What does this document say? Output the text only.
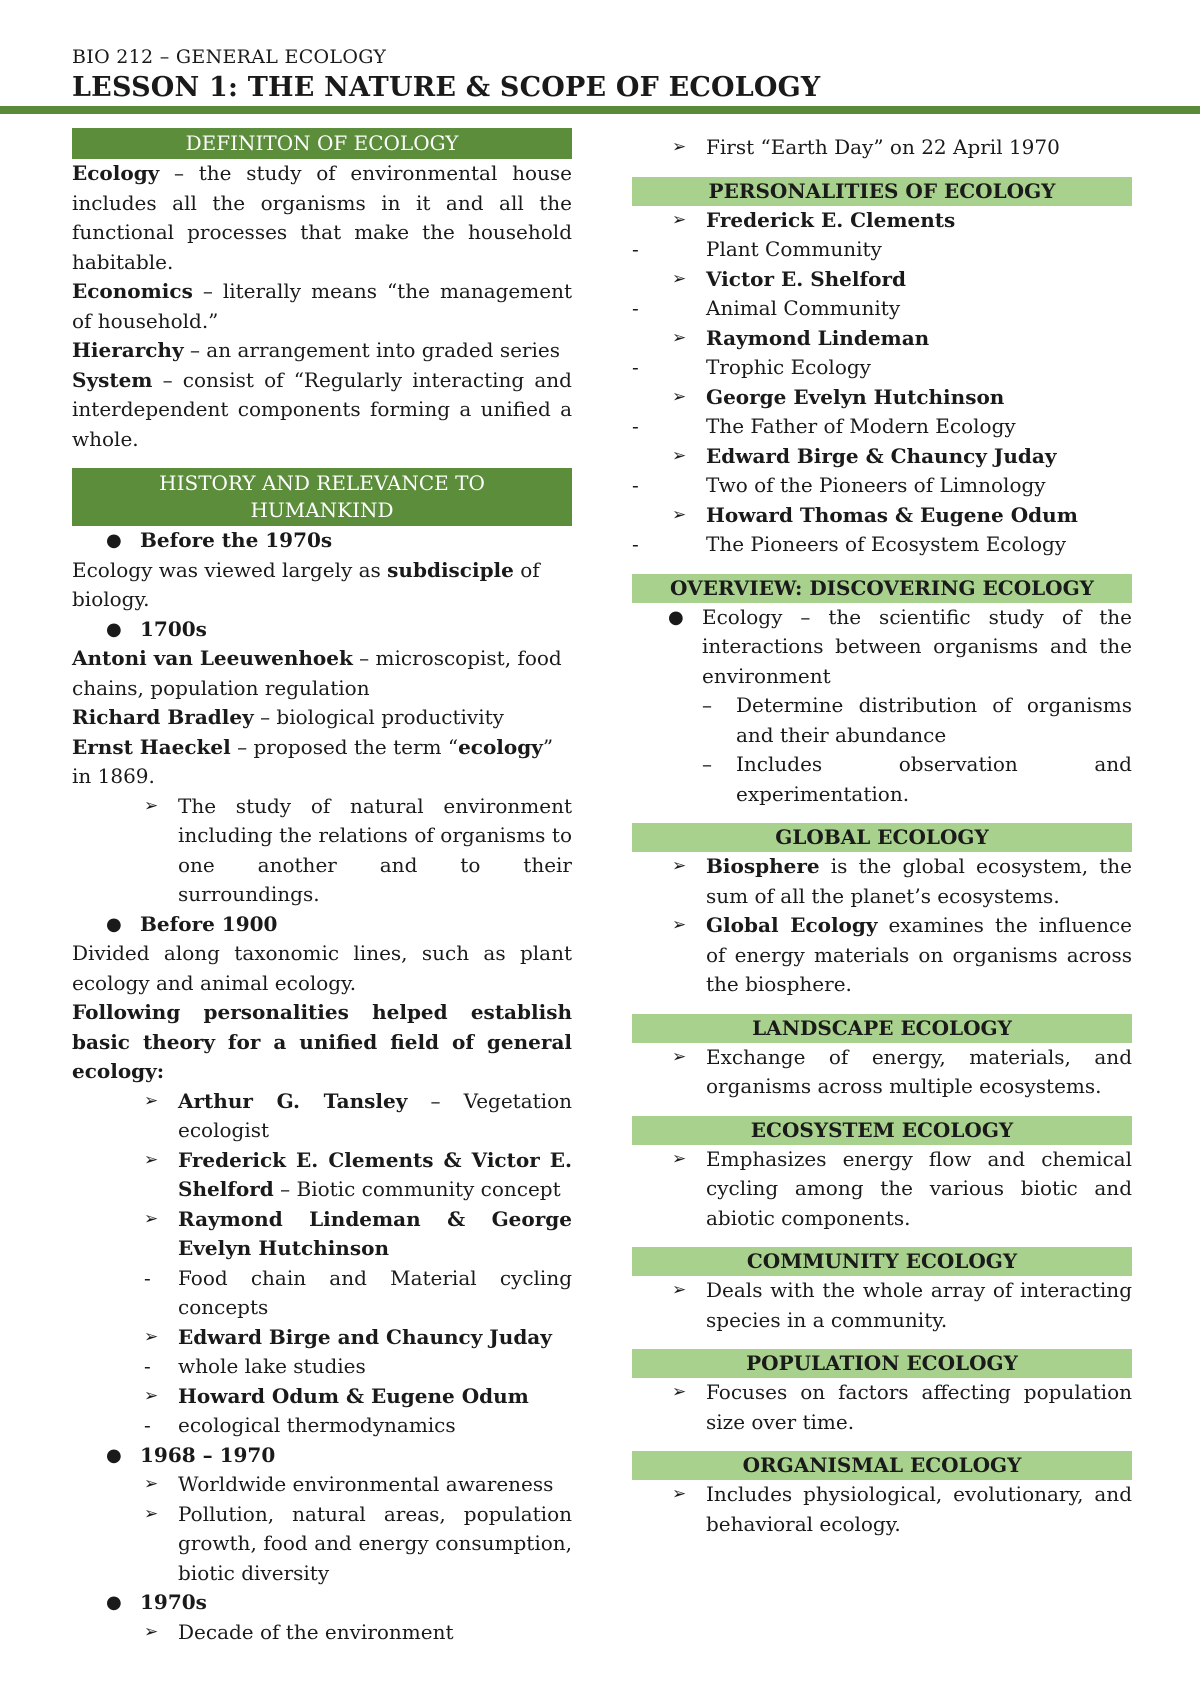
BIO 212 – GENERAL ECOLOGY
LESSON 1: THE NATURE & SCOPE OF ECOLOGY
DEFINITON OF ECOLOGY

Ecology – the study of environmental house includes all the organisms in it and all the functional processes that make the household habitable.

Economics – literally means “the management of household.”

Hierarchy – an arrangement into graded series

System – consist of “Regularly interacting and interdependent components forming a unified a whole.

HISTORY AND RELEVANCE TO HUMANKIND
● Before the 1970s

Ecology was viewed largely as subdisciple of biology.

● 1700s

Antoni van Leeuwenhoek – microscopist, food chains, population regulation

Richard Bradley – biological productivity

Ernst Haeckel – proposed the term “ecology” in 1869.

➢ The study of natural environment including the relations of organisms to one another and to their surroundings.
● Before 1900

Divided along taxonomic lines, such as plant ecology and animal ecology.

Following personalities helped establish basic theory for a unified field of general ecology:

➢ Arthur G. Tansley – Vegetation ecologist
➢ Frederick E. Clements & Victor E. Shelford – Biotic community concept
➢ Raymond Lindeman & George Evelyn Hutchinson
-	Food chain and Material cycling concepts
➢ Edward Birge and Chauncy Juday
-	whole lake studies
➢ Howard Odum & Eugene Odum
-	ecological thermodynamics
● 1968 – 1970
➢ Worldwide environmental awareness
➢ Pollution, natural areas, population growth, food and energy consumption, biotic diversity
● 1970s
➢ Decade of the environment
➢ First “Earth Day” on 22 April 1970
PERSONALITIES OF ECOLOGY
➢ Frederick E. Clements
-	Plant Community
➢ Victor E. Shelford
-	Animal Community
➢ Raymond Lindeman
-	Trophic Ecology
➢ George Evelyn Hutchinson
-	The Father of Modern Ecology
➢ Edward Birge & Chauncy Juday
-	Two of the Pioneers of Limnology
➢ Howard Thomas & Eugene Odum
-	The Pioneers of Ecosystem Ecology
OVERVIEW: DISCOVERING ECOLOGY
● Ecology – the scientific study of the interactions between organisms and the environment
–	Determine distribution of organisms and their abundance
–	Includes observation and experimentation.
GLOBAL ECOLOGY
➢ Biosphere is the global ecosystem, the sum of all the planet’s ecosystems.
➢ Global Ecology examines the influence of energy materials on organisms across the biosphere.
LANDSCAPE ECOLOGY
➢ Exchange of energy, materials, and organisms across multiple ecosystems.
ECOSYSTEM ECOLOGY
➢ Emphasizes energy flow and chemical cycling among the various biotic and abiotic components.
COMMUNITY ECOLOGY
➢ Deals with the whole array of interacting species in a community.
POPULATION ECOLOGY
➢ Focuses on factors affecting population size over time.
ORGANISMAL ECOLOGY
➢ Includes physiological, evolutionary, and behavioral ecology.
